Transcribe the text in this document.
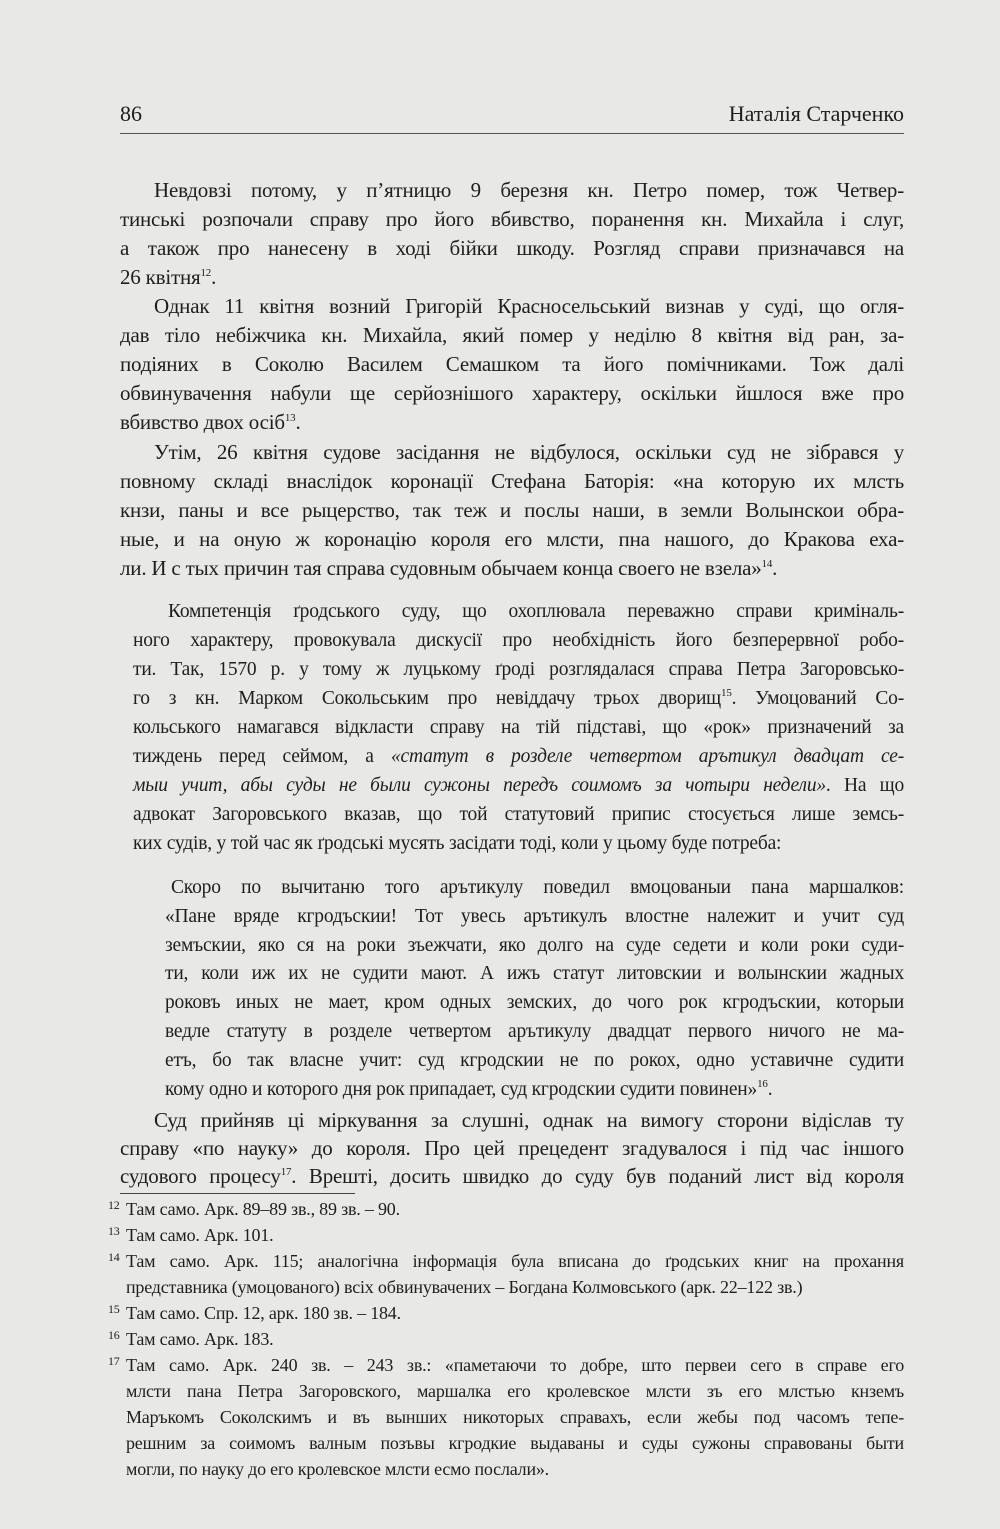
86	Наталія Старченко
Невдовзі потому, у п’ятницю 9 березня кн. Петро помер, тож Четвер-
тинські розпочали справу про його вбивство, поранення кн. Михайла і слуг,
а також про нанесену в ході бійки шкоду. Розгляд справи призначався на
26 квітня$^{12}$.
Однак 11 квітня возний Григорій Красносельський визнав у суді, що огля-
дав тіло небіжчика кн. Михайла, який помер у неділю 8 квітня від ран, за-
подіяних в Соколю Василем Семашком та його помічниками. Тож далі
обвинувачення набули ще серйознішого характеру, оскільки йшлося вже про
вбивство двох осіб$^{13}$.
Утім, 26 квітня судове засідання не відбулося, оскільки суд не зібрався у
повному складі внаслідок коронації Стефана Баторія: «на которую их млсть
кнзи, паны и все рыцерство, так теж и послы наши, в земли Волынскои обра-
ные, и на оную ж коронацію короля его млсти, пна нашого, до Кракова еха-
ли. И с тых причин тая справа судовным обычаем конца своего не взела»$^{14}$.
Компетенція ґродського суду, що охоплювала переважно справи криміналь-
ного характеру, провокувала дискусії про необхідність його безперервної робо-
ти. Так, 1570 р. у тому ж луцькому ґроді розглядалася справа Петра Загоровсько-
го з кн. Марком Сокольським про невіддачу трьох дворищ$^{15}$. Умоцований Со-
кольського намагався відкласти справу на тій підставі, що «рок» призначений за
тиждень перед сеймом, а «статут в розделе четвертом арътикул двадцат се-
мыи учит, абы суды не были сужоны передъ соимомъ за чотыри недели». На що
адвокат Загоровського вказав, що той статутовий припис стосується лише земсь-
ких судів, у той час як ґродські мусять засідати тоді, коли у цьому буде потреба:
Скоро по вычитаню того арътикулу поведил вмоцованыи пана маршалков:
«Пане вряде кгродъскии! Тот увесь арътикулъ влостне належит и учит суд
земъскии, яко ся на роки зъежчати, яко долго на суде седети и коли роки суди-
ти, коли иж их не судити мают. А ижъ статут литовскии и волынскии жадных
роковъ иных не мает, кром одных земских, до чого рок кгродъскии, которыи
ведле статуту в розделе четвертом арътикулу двадцат первого ничого не ма-
етъ, бо так власне учит: суд кгродскии не по рокох, одно уставичне судити
кому одно и которого дня рок припадает, суд кгродскии судити повинен»$^{16}$.
Суд прийняв ці міркування за слушні, однак на вимогу сторони відіслав ту
справу «по науку» до короля. Про цей прецедент згадувалося і під час іншого
судового процесу$^{17}$. Врешті, досить швидко до суду був поданий лист від короля
12 Там само. Арк. 89–89 зв., 89 зв. – 90.
13 Там само. Арк. 101.
14 Там само. Арк. 115; аналогічна інформація була вписана до ґродських книг на прохання
представника (умоцованого) всіх обвинувачених – Богдана Колмовського (арк. 22–122 зв.)
15 Там само. Спр. 12, арк. 180 зв. – 184.
16 Там само. Арк. 183.
17 Там само. Арк. 240 зв. – 243 зв.: «паметаючи то добре, што первеи сего в справе его
млсти пана Петра Загоровского, маршалка его кролевское млсти зъ его млстью кнземъ
Маръкомъ Соколскимъ и въ вынших никоторых справахъ, если жебы под часомъ тепе-
решним за соимомъ валным позъвы кгродкие выдаваны и суды сужоны справованы быти
могли, по науку до его кролевское млсти есмо послали».
